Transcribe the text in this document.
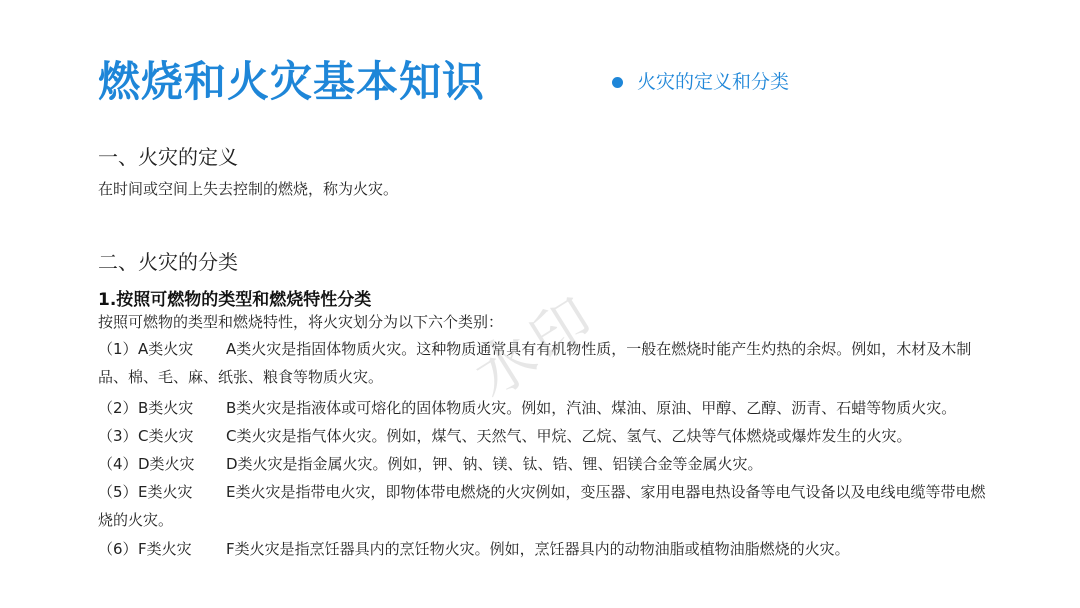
燃烧和火灾基本知识	火灾的定义和分类
一、火灾的定义
在时间或空间上失去控制的燃烧，称为火灾。
二、火灾的分类
1.按照可燃物的类型和燃烧特性分类
按照可燃物的类型和燃烧特性，将火灾划分为以下六个类别：
（1）A类火灾 A类火灾是指固体物质火灾。这种物质通常具有有机物性质，一般在燃烧时能产生灼热的余烬。例如，木材及木制品、棉、毛、麻、纸张、粮食等物质火灾。
（2）B类火灾 B类火灾是指液体或可熔化的固体物质火灾。例如，汽油、煤油、原油、甲醇、乙醇、沥青、石蜡等物质火灾。
（3）C类火灾 C类火灾是指气体火灾。例如，煤气、天然气、甲烷、乙烷、氢气、乙炔等气体燃烧或爆炸发生的火灾。
（4）D类火灾 D类火灾是指金属火灾。例如，钾、钠、镁、钛、锆、锂、铝镁合金等金属火灾。
（5）E类火灾 E类火灾是指带电火灾，即物体带电燃烧的火灾例如，变压器、家用电器电热设备等电气设备以及电线电缆等带电燃烧的火灾。
（6）F类火灾 F类火灾是指烹饪器具内的烹饪物火灾。例如，烹饪器具内的动物油脂或植物油脂燃烧的火灾。
水印
